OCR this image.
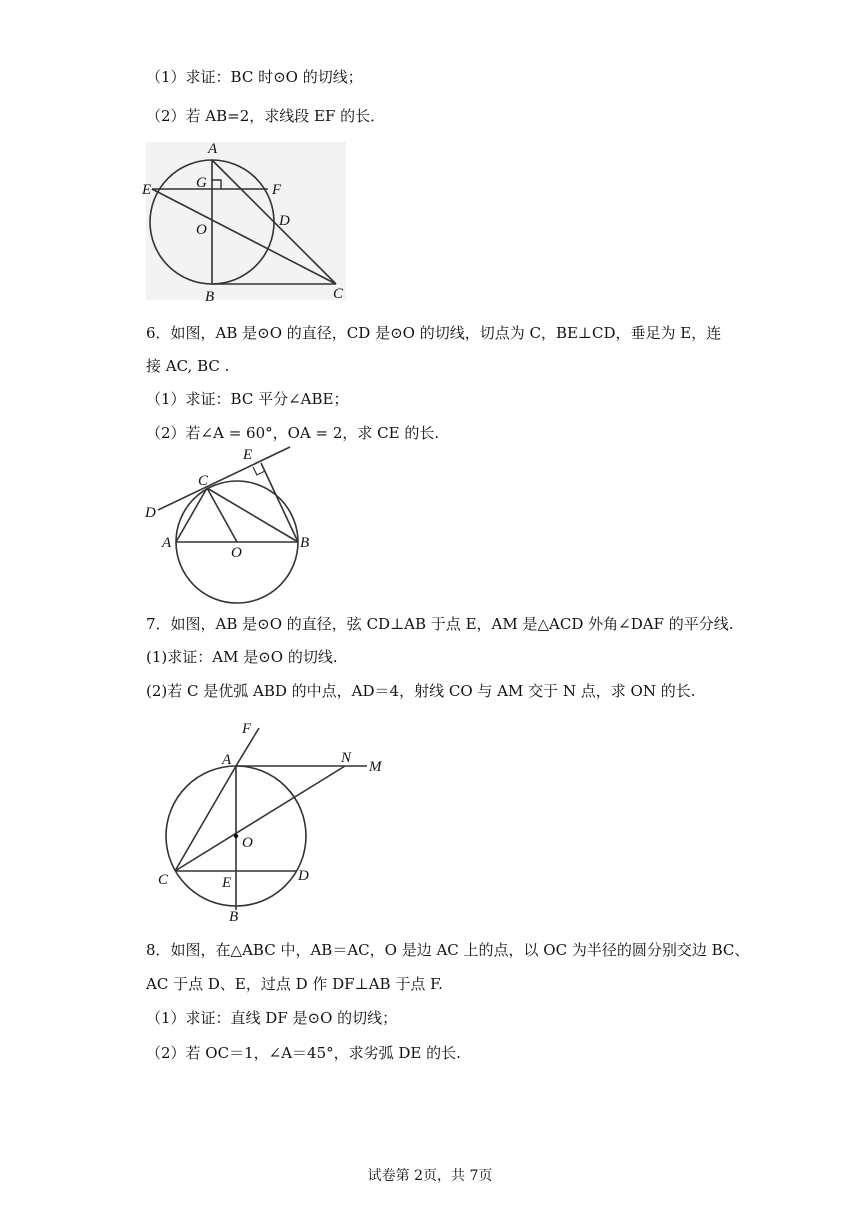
（1）求证：BC 时⊙O 的切线；
（2）若 AB=2，求线段 EF 的长．
A
G
E	F
D
O
B	C
6．如图，AB 是⊙O 的直径，CD 是⊙O 的切线，切点为 C，BE⊥CD，垂足为 E，连
接 AC, BC .
（1）求证：BC 平分∠ABE；
（2）若∠A = 60°，OA = 2，求 CE 的长.
E
C
D
A
O
B
7．如图，AB 是⊙O 的直径，弦 CD⊥AB 于点 E，AM 是△ACD 外角∠DAF 的平分线.
(1)求证：AM 是⊙O 的切线.
(2)若 C 是优弧 ABD 的中点，AD＝4，射线 CO 与 AM 交于 N 点，求 ON 的长.
F
A	N
M
O
C	E	D
B
8．如图，在△ABC 中，AB＝AC，O 是边 AC 上的点，以 OC 为半径的圆分别交边 BC、
AC 于点 D、E，过点 D 作 DF⊥AB 于点 F.
（1）求证：直线 DF 是⊙O 的切线；
（2）若 OC＝1，∠A＝45°，求劣弧 DE 的长.
试卷第 2页，共 7页
